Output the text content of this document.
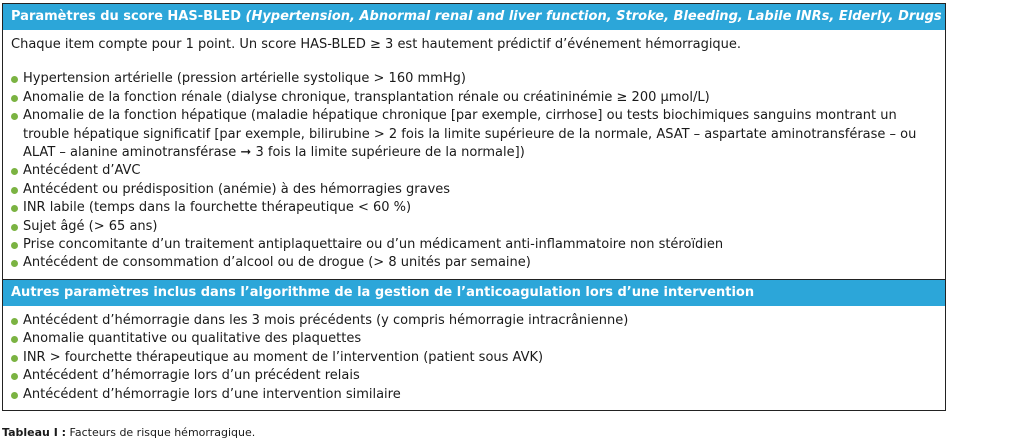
Paramètres du score HAS-BLED (Hypertension, Abnormal renal and liver function, Stroke, Bleeding, Labile INRs, Elderly, Drugs or alcohol)
Chaque item compte pour 1 point. Un score HAS-BLED ≥ 3 est hautement prédictif d’événement hémorragique.
Hypertension artérielle (pression artérielle systolique > 160 mmHg)
Anomalie de la fonction rénale (dialyse chronique, transplantation rénale ou créatininémie ≥ 200 µmol/L)
Anomalie de la fonction hépatique (maladie hépatique chronique [par exemple, cirrhose] ou tests biochimiques sanguins montrant un trouble hépatique significatif [par exemple, bilirubine > 2 fois la limite supérieure de la normale, ASAT – aspartate aminotransférase – ou ALAT – alanine aminotransférase ➞ 3 fois la limite supérieure de la normale])
Antécédent d’AVC
Antécédent ou prédisposition (anémie) à des hémorragies graves
INR labile (temps dans la fourchette thérapeutique < 60 %)
Sujet âgé (> 65 ans)
Prise concomitante d’un traitement antiplaquettaire ou d’un médicament anti-inflammatoire non stéroïdien
Antécédent de consommation d’alcool ou de drogue (> 8 unités par semaine)
Autres paramètres inclus dans l’algorithme de la gestion de l’anticoagulation lors d’une intervention
Antécédent d’hémorragie dans les 3 mois précédents (y compris hémorragie intracrânienne)
Anomalie quantitative ou qualitative des plaquettes
INR > fourchette thérapeutique au moment de l’intervention (patient sous AVK)
Antécédent d’hémorragie lors d’un précédent relais
Antécédent d’hémorragie lors d’une intervention similaire
Tableau I : Facteurs de risque hémorragique.
